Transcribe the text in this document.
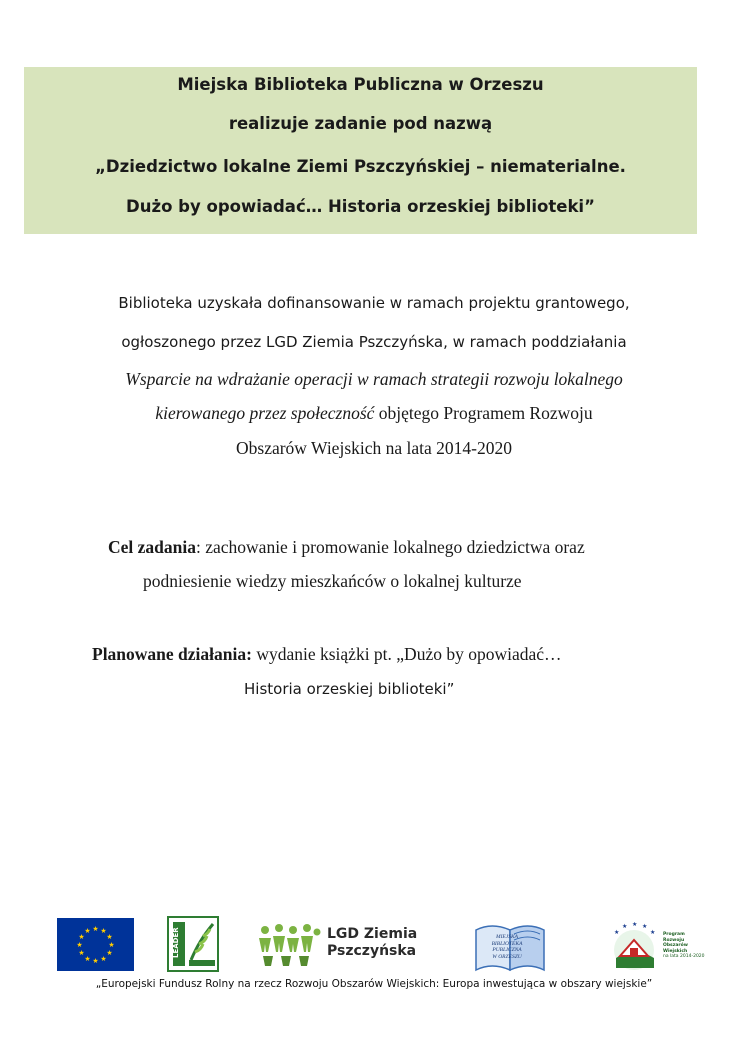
Miejska Biblioteka Publiczna w Orzeszu
realizuje zadanie pod nazwą
„Dziedzictwo lokalne Ziemi Pszczyńskiej – niematerialne.
Dużo by opowiadać… Historia orzeskiej biblioteki”
Biblioteka uzyskała dofinansowanie w ramach projektu grantowego,
ogłoszonego przez LGD Ziemia Pszczyńska, w ramach poddziałania
Wsparcie na wdrażanie operacji w ramach strategii rozwoju lokalnego
kierowanego przez społeczność objętego Programem Rozwoju
Obszarów Wiejskich na lata 2014-2020
Cel zadania: zachowanie i promowanie lokalnego dziedzictwa oraz
podniesienie wiedzy mieszkańców o lokalnej kulturze
Planowane działania: wydanie książki pt. „Dużo by opowiadać…
Historia orzeskiej biblioteki”
★ ★
★
★
★
★
★
★
★
★
★
★	LEADER	LGD Ziemia
Pszczyńska
MIEJSKA
BIBLIOTEKA
PUBLICZNA
W ORZESZU
★
★ ★ ★
★ Program
Rozwoju
Obszarów
Wiejskich
na lata 2014-2020
„Europejski Fundusz Rolny na rzecz Rozwoju Obszarów Wiejskich: Europa inwestująca w obszary wiejskie”
